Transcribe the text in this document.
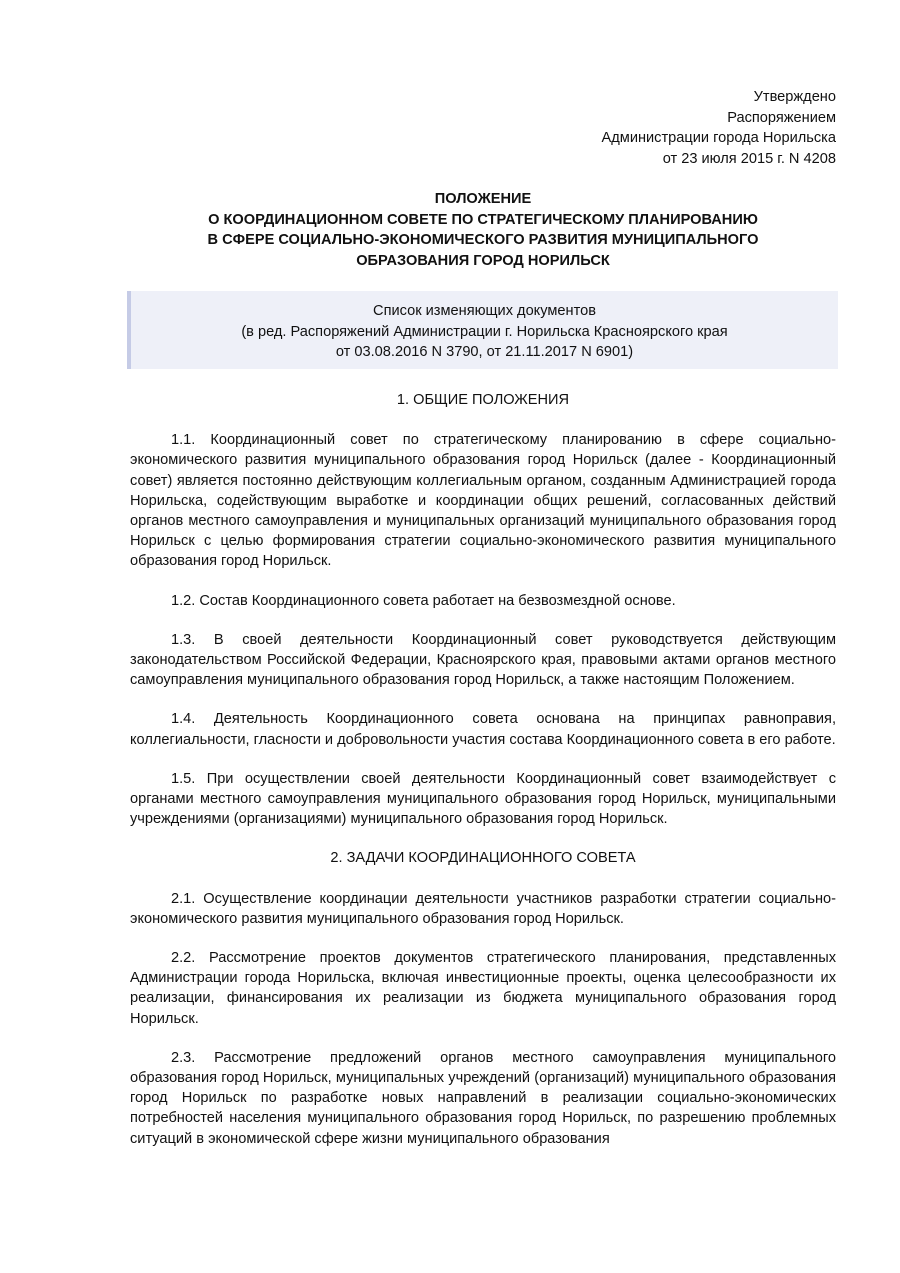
Утверждено
Распоряжением
Администрации города Норильска
от 23 июля 2015 г. N 4208
ПОЛОЖЕНИЕ
О КООРДИНАЦИОННОМ СОВЕТЕ ПО СТРАТЕГИЧЕСКОМУ ПЛАНИРОВАНИЮ
В СФЕРЕ СОЦИАЛЬНО-ЭКОНОМИЧЕСКОГО РАЗВИТИЯ МУНИЦИПАЛЬНОГО
ОБРАЗОВАНИЯ ГОРОД НОРИЛЬСК
Список изменяющих документов
(в ред. Распоряжений Администрации г. Норильска Красноярского края
от 03.08.2016 N 3790, от 21.11.2017 N 6901)
1. ОБЩИЕ ПОЛОЖЕНИЯ

1.1. Координационный совет по стратегическому планированию в сфере социально-экономического развития муниципального образования город Норильск (далее - Координационный совет) является постоянно действующим коллегиальным органом, созданным Администрацией города Норильска, содействующим выработке и координации общих решений, согласованных действий органов местного самоуправления и муниципальных организаций муниципального образования город Норильск с целью формирования стратегии социально-экономического развития муниципального образования город Норильск.

1.2. Состав Координационного совета работает на безвозмездной основе.

1.3. В своей деятельности Координационный совет руководствуется действующим законодательством Российской Федерации, Красноярского края, правовыми актами органов местного самоуправления муниципального образования город Норильск, а также настоящим Положением.

1.4. Деятельность Координационного совета основана на принципах равноправия, коллегиальности, гласности и добровольности участия состава Координационного совета в его работе.

1.5. При осуществлении своей деятельности Координационный совет взаимодействует с органами местного самоуправления муниципального образования город Норильск, муниципальными учреждениями (организациями) муниципального образования город Норильск.

2. ЗАДАЧИ КООРДИНАЦИОННОГО СОВЕТА

2.1. Осуществление координации деятельности участников разработки стратегии социально-экономического развития муниципального образования город Норильск.

2.2. Рассмотрение проектов документов стратегического планирования, представленных Администрации города Норильска, включая инвестиционные проекты, оценка целесообразности их реализации, финансирования их реализации из бюджета муниципального образования город Норильск.

2.3. Рассмотрение предложений органов местного самоуправления муниципального образования город Норильск, муниципальных учреждений (организаций) муниципального образования город Норильск по разработке новых направлений в реализации социально-экономических потребностей населения муниципального образования город Норильск, по разрешению проблемных ситуаций в экономической сфере жизни муниципального образования
